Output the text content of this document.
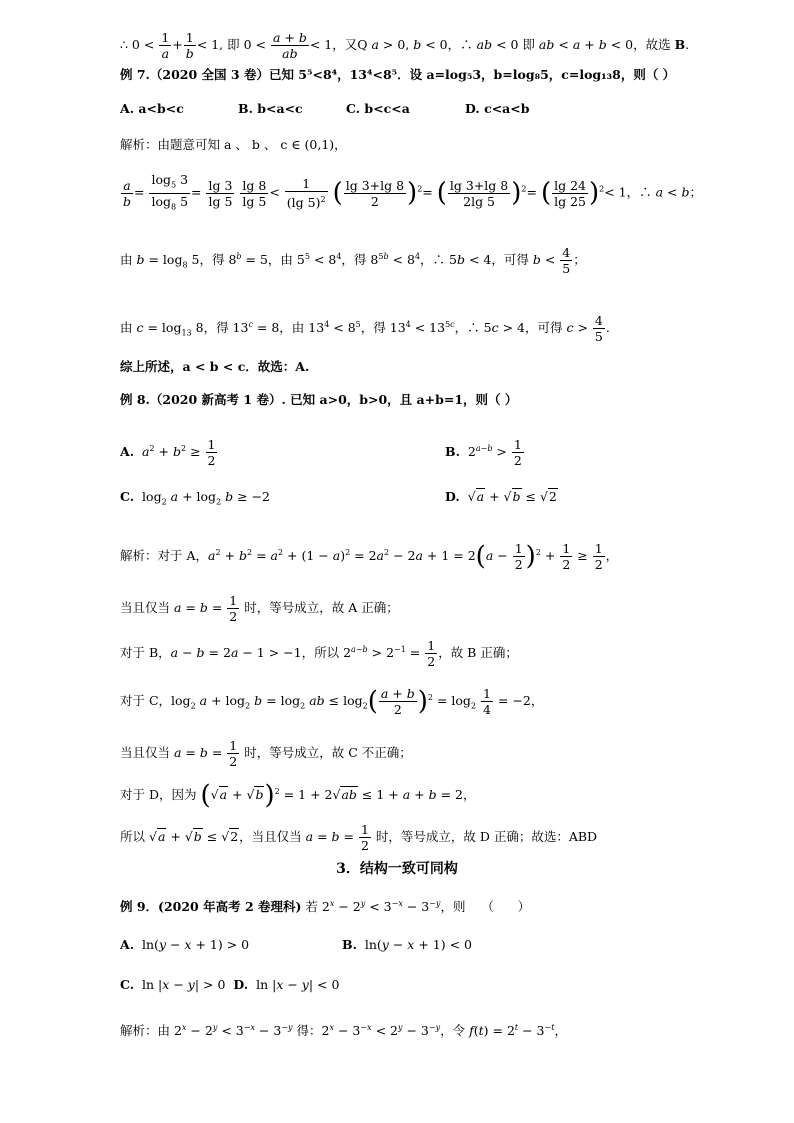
∴ $0 < \frac{1}{a} + \frac{1}{b} < 1$, 即 $0 < \frac{a + b}{ab} < 1$，又Q a > 0, b < 0，∴ ab < 0 即 ab < a + b < 0，故选 B.
例 7.（2020 全国 3 卷）已知 5⁵<8⁴，13⁴<8⁵．设 a=log₅3，b=log₈5，c=log₁₃8，则（ ）
A. a<b<c	B. b<a<c	C. b<c<a	D. c<a<b
解析：由题意可知 a 、 b 、 c ∈ (0,1)，
$\frac{a}{b} = \frac{\log_5 3}{\log_8 5} = \frac{\lg 3}{\lg 5}$
$\frac{\lg 8}{\lg 5} < \frac{1}{(\lg 5)^2}$ ( $\frac{\lg 3+\lg 8}{2} )^2=$ ( $\frac{\lg 3+\lg 8}{2\lg 5} )^2=$ ( $\frac{\lg 24}{\lg 25} )^2< 1$，∴ a < b；
由 $b = \log_8 5$，得 $8^b = 5$，由 $5^5 < 8^4$，得 $8^{5b} < 8^4$，∴ 5b < 4，可得 $b < \frac{4}{5}$ ；
由 $c = \log_{13} 8$，得 $13^c = 8$，由 $13^4 < 8^5$，得 $13^4 < 13^{5c}$，∴ 5c > 4，可得 $c > \frac{4}{5}$ .
综上所述，a < b < c．故选：A.
例 8.（2020 新高考 1 卷）. 已知 a>0，b>0，且 a+b=1，则（ ）
A. $a^2 + b^2 \ge \frac{1}{2}$	B.  $2^{a-b} > \frac{1}{2}$
C.  $\log_2 a + \log_2 b \ge -2$	D.  √a + √b ≤ √2
解析：对于 A，$a^2 + b^2 = a^2 + (1 - a)^2 = 2a^2 - 2a + 1 = 2(a - \frac{1}{2} )^2 + \frac{1}{2} \ge \frac{1}{2}$ ，
当且仅当 $a = b = \frac{1}{2}$ 时，等号成立，故 A 正确；
对于 B，a − b = 2a − 1 > −1，所以 $2^{a-b} > 2^{-1} = \frac{1}{2}$ ，故 B 正确；
对于 C，$\log_2 a + \log_2 b = \log_2$ ab ≤ $\log_2( \frac{a + b}{2} )^2 = \log_2 \frac{1}{4} = -2$，
当且仅当 $a = b = \frac{1}{2}$ 时，等号成立，故 C 不正确；
对于 D，因为 $(√a + √b)^2 = 1 + 2√ab \le 1 + a + b = 2$，
所以 √a + √b ≤ √2，当且仅当 $a = b = \frac{1}{2}$ 时，等号成立，故 D 正确；故选：ABD
3．结构一致可同构
例 9．(2020 年高考 2 卷理科) 若 $2^x - 2^y < 3^{-x} - 3^{-y}$，则    （      ）
A.  ln(y − x + 1) > 0	B.  ln(y − x + 1) < 0
C.  ln |x − y| > 0  D.  ln |x − y| < 0
解析：由 $2^x - 2^y < 3^{-x} - 3^{-y}$ 得：$2^x - 3^{-x} < 2^y - 3^{-y}$，令 $f(t) = 2^t - 3^{-t}$，
